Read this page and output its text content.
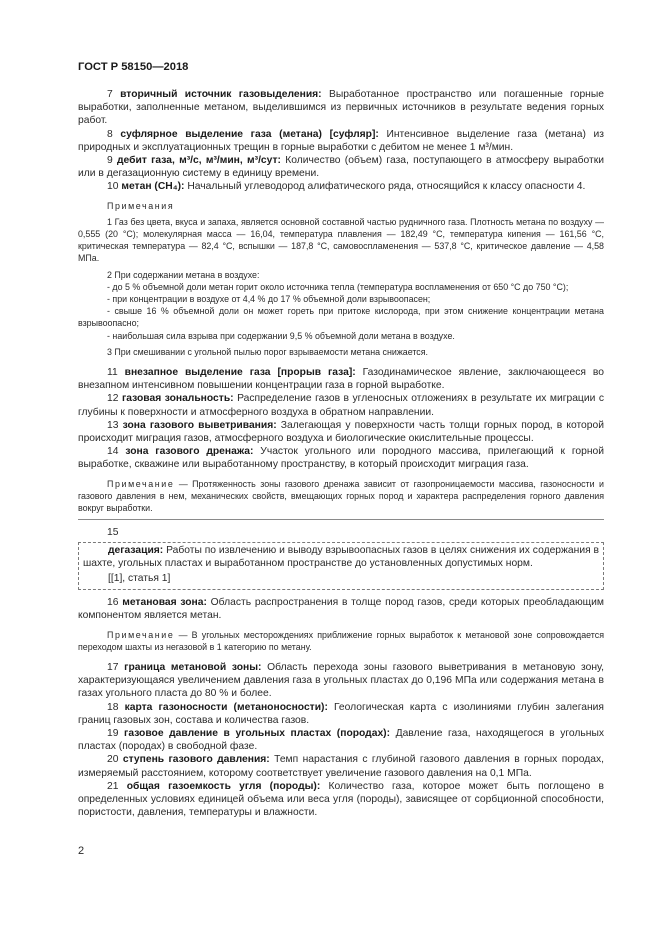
ГОСТ Р 58150—2018

7 вторичный источник газовыделения: Выработанное пространство или погашенные горные выработки, заполненные метаном, выделившимся из первичных источников в результате ведения горных работ.

8 суфлярное выделение газа (метана) [суфляр]: Интенсивное выделение газа (метана) из природных и эксплуатационных трещин в горные выработки с дебитом не менее 1 м³/мин.

9 дебит газа, м³/с, м³/мин, м³/сут: Количество (объем) газа, поступающего в атмосферу выработки или в дегазационную систему в единицу времени.

10 метан (CH₄): Начальный углеводород алифатического ряда, относящийся к классу опасности 4.

Примечания

1 Газ без цвета, вкуса и запаха, является основной составной частью рудничного газа. Плотность метана по воздуху — 0,555 (20 °С); молекулярная масса — 16,04, температура плавления — 182,49 °С, температура кипения — 161,56 °С, критическая температура — 82,4 °С, вспышки — 187,8 °С, самовоспламенения — 537,8 °С, критическое давление — 4,58 МПа.

2 При содержании метана в воздухе:

- до 5 % объемной доли метан горит около источника тепла (температура воспламенения от 650 °С до 750 °С);

- при концентрации в воздухе от 4,4 % до 17 % объемной доли взрывоопасен;

- свыше 16 % объемной доли он может гореть при притоке кислорода, при этом снижение концентрации метана взрывоопасно;

- наибольшая сила взрыва при содержании 9,5 % объемной доли метана в воздухе.

3 При смешивании с угольной пылью порог взрываемости метана снижается.

11 внезапное выделение газа [прорыв газа]: Газодинамическое явление, заключающееся во внезапном интенсивном повышении концентрации газа в горной выработке.

12 газовая зональность: Распределение газов в угленосных отложениях в результате их миграции с глубины к поверхности и атмосферного воздуха в обратном направлении.

13 зона газового выветривания: Залегающая у поверхности часть толщи горных пород, в которой происходит миграция газов, атмосферного воздуха и биологические окислительные процессы.

14 зона газового дренажа: Участок угольного или породного массива, прилегающий к горной выработке, скважине или выработанному пространству, в который происходит миграция газа.

Примечание — Протяженность зоны газового дренажа зависит от газопроницаемости массива, газоносности и газового давления в нем, механических свойств, вмещающих горных пород и характера распределения горного давления вокруг выработки.

15

дегазация: Работы по извлечению и выводу взрывоопасных газов в целях снижения их содержания в шахте, угольных пластах и выработанном пространстве до установленных допустимых норм.

[[1], статья 1]

16 метановая зона: Область распространения в толще пород газов, среди которых преобладающим компонентом является метан.

Примечание — В угольных месторождениях приближение горных выработок к метановой зоне сопровождается переходом шахты из негазовой в 1 категорию по метану.

17 граница метановой зоны: Область перехода зоны газового выветривания в метановую зону, характеризующаяся увеличением давления газа в угольных пластах до 0,196 МПа или содержания метана в газах угольного пласта до 80 % и более.

18 карта газоносности (метаноносности): Геологическая карта с изолиниями глубин залегания границ газовых зон, состава и количества газов.

19 газовое давление в угольных пластах (породах): Давление газа, находящегося в угольных пластах (породах) в свободной фазе.

20 ступень газового давления: Темп нарастания с глубиной газового давления в горных породах, измеряемый расстоянием, которому соответствует увеличение газового давления на 0,1 МПа.

21 общая газоемкость угля (породы): Количество газа, которое может быть поглощено в определенных условиях единицей объема или веса угля (породы), зависящее от сорбционной способности, пористости, давления, температуры и влажности.

2
